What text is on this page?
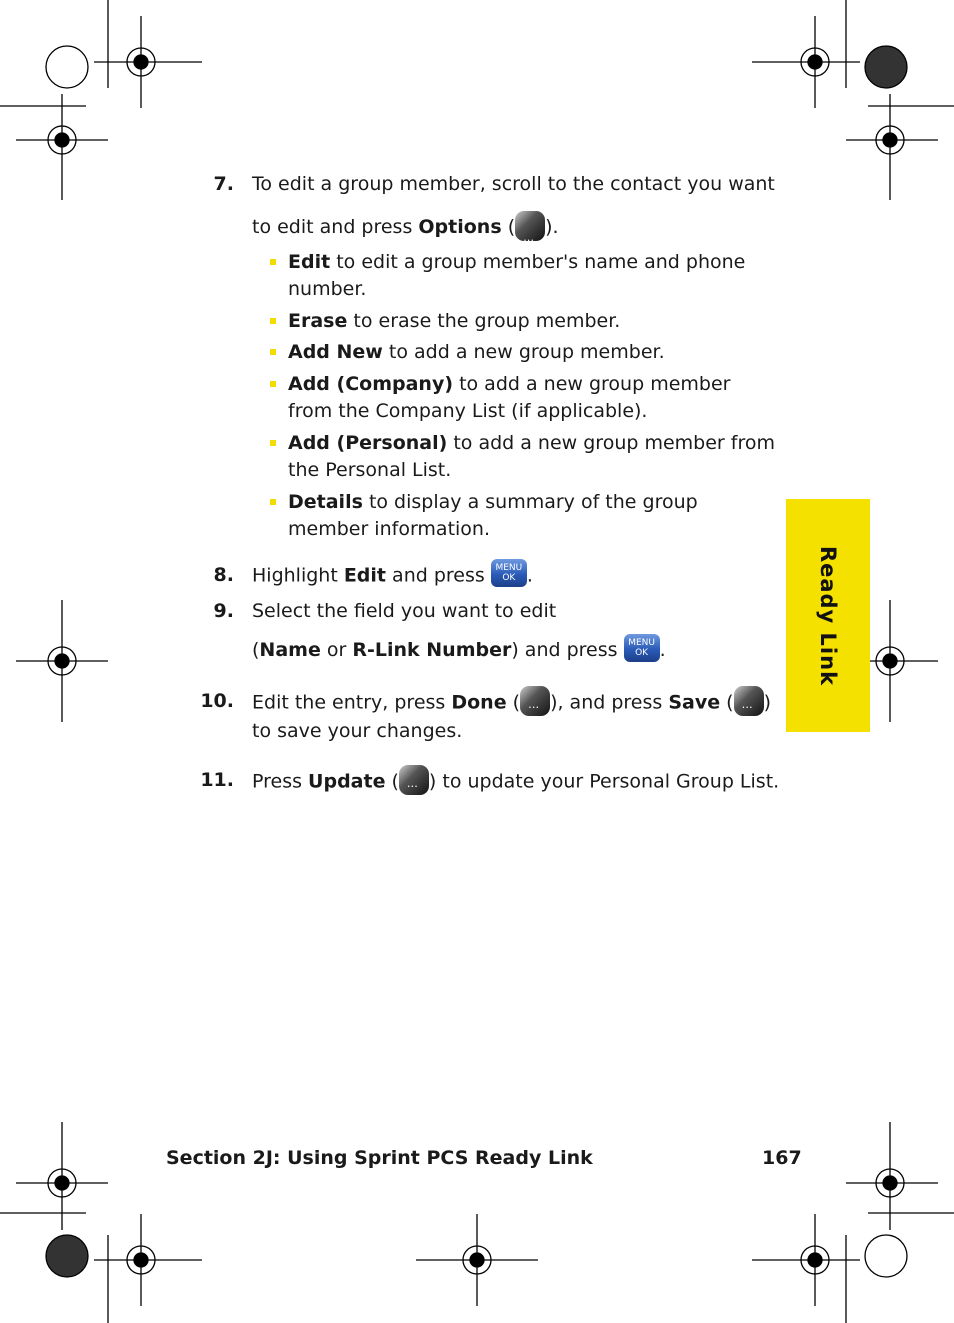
7. To edit a group member, scroll to the contact you want to edit and press Options ( … ).
Edit to edit a group member's name and phone number.
Erase to erase the group member.
Add New to add a new group member.
Add (Company) to add a new group member from the Company List (if applicable).
Add (Personal) to add a new group member from the Personal List.
Details to display a summary of the group member information.
8. Highlight Edit and press MENU
OK .
9. Select the field you want to edit
(Name or R-Link Number) and press MENU
OK .
10. Edit the entry, press Done ( … ), and press Save ( … ) to save your changes.
11. Press Update ( … ) to update your Personal Group List.
Ready Link
Section 2J: Using Sprint PCS Ready Link	167
